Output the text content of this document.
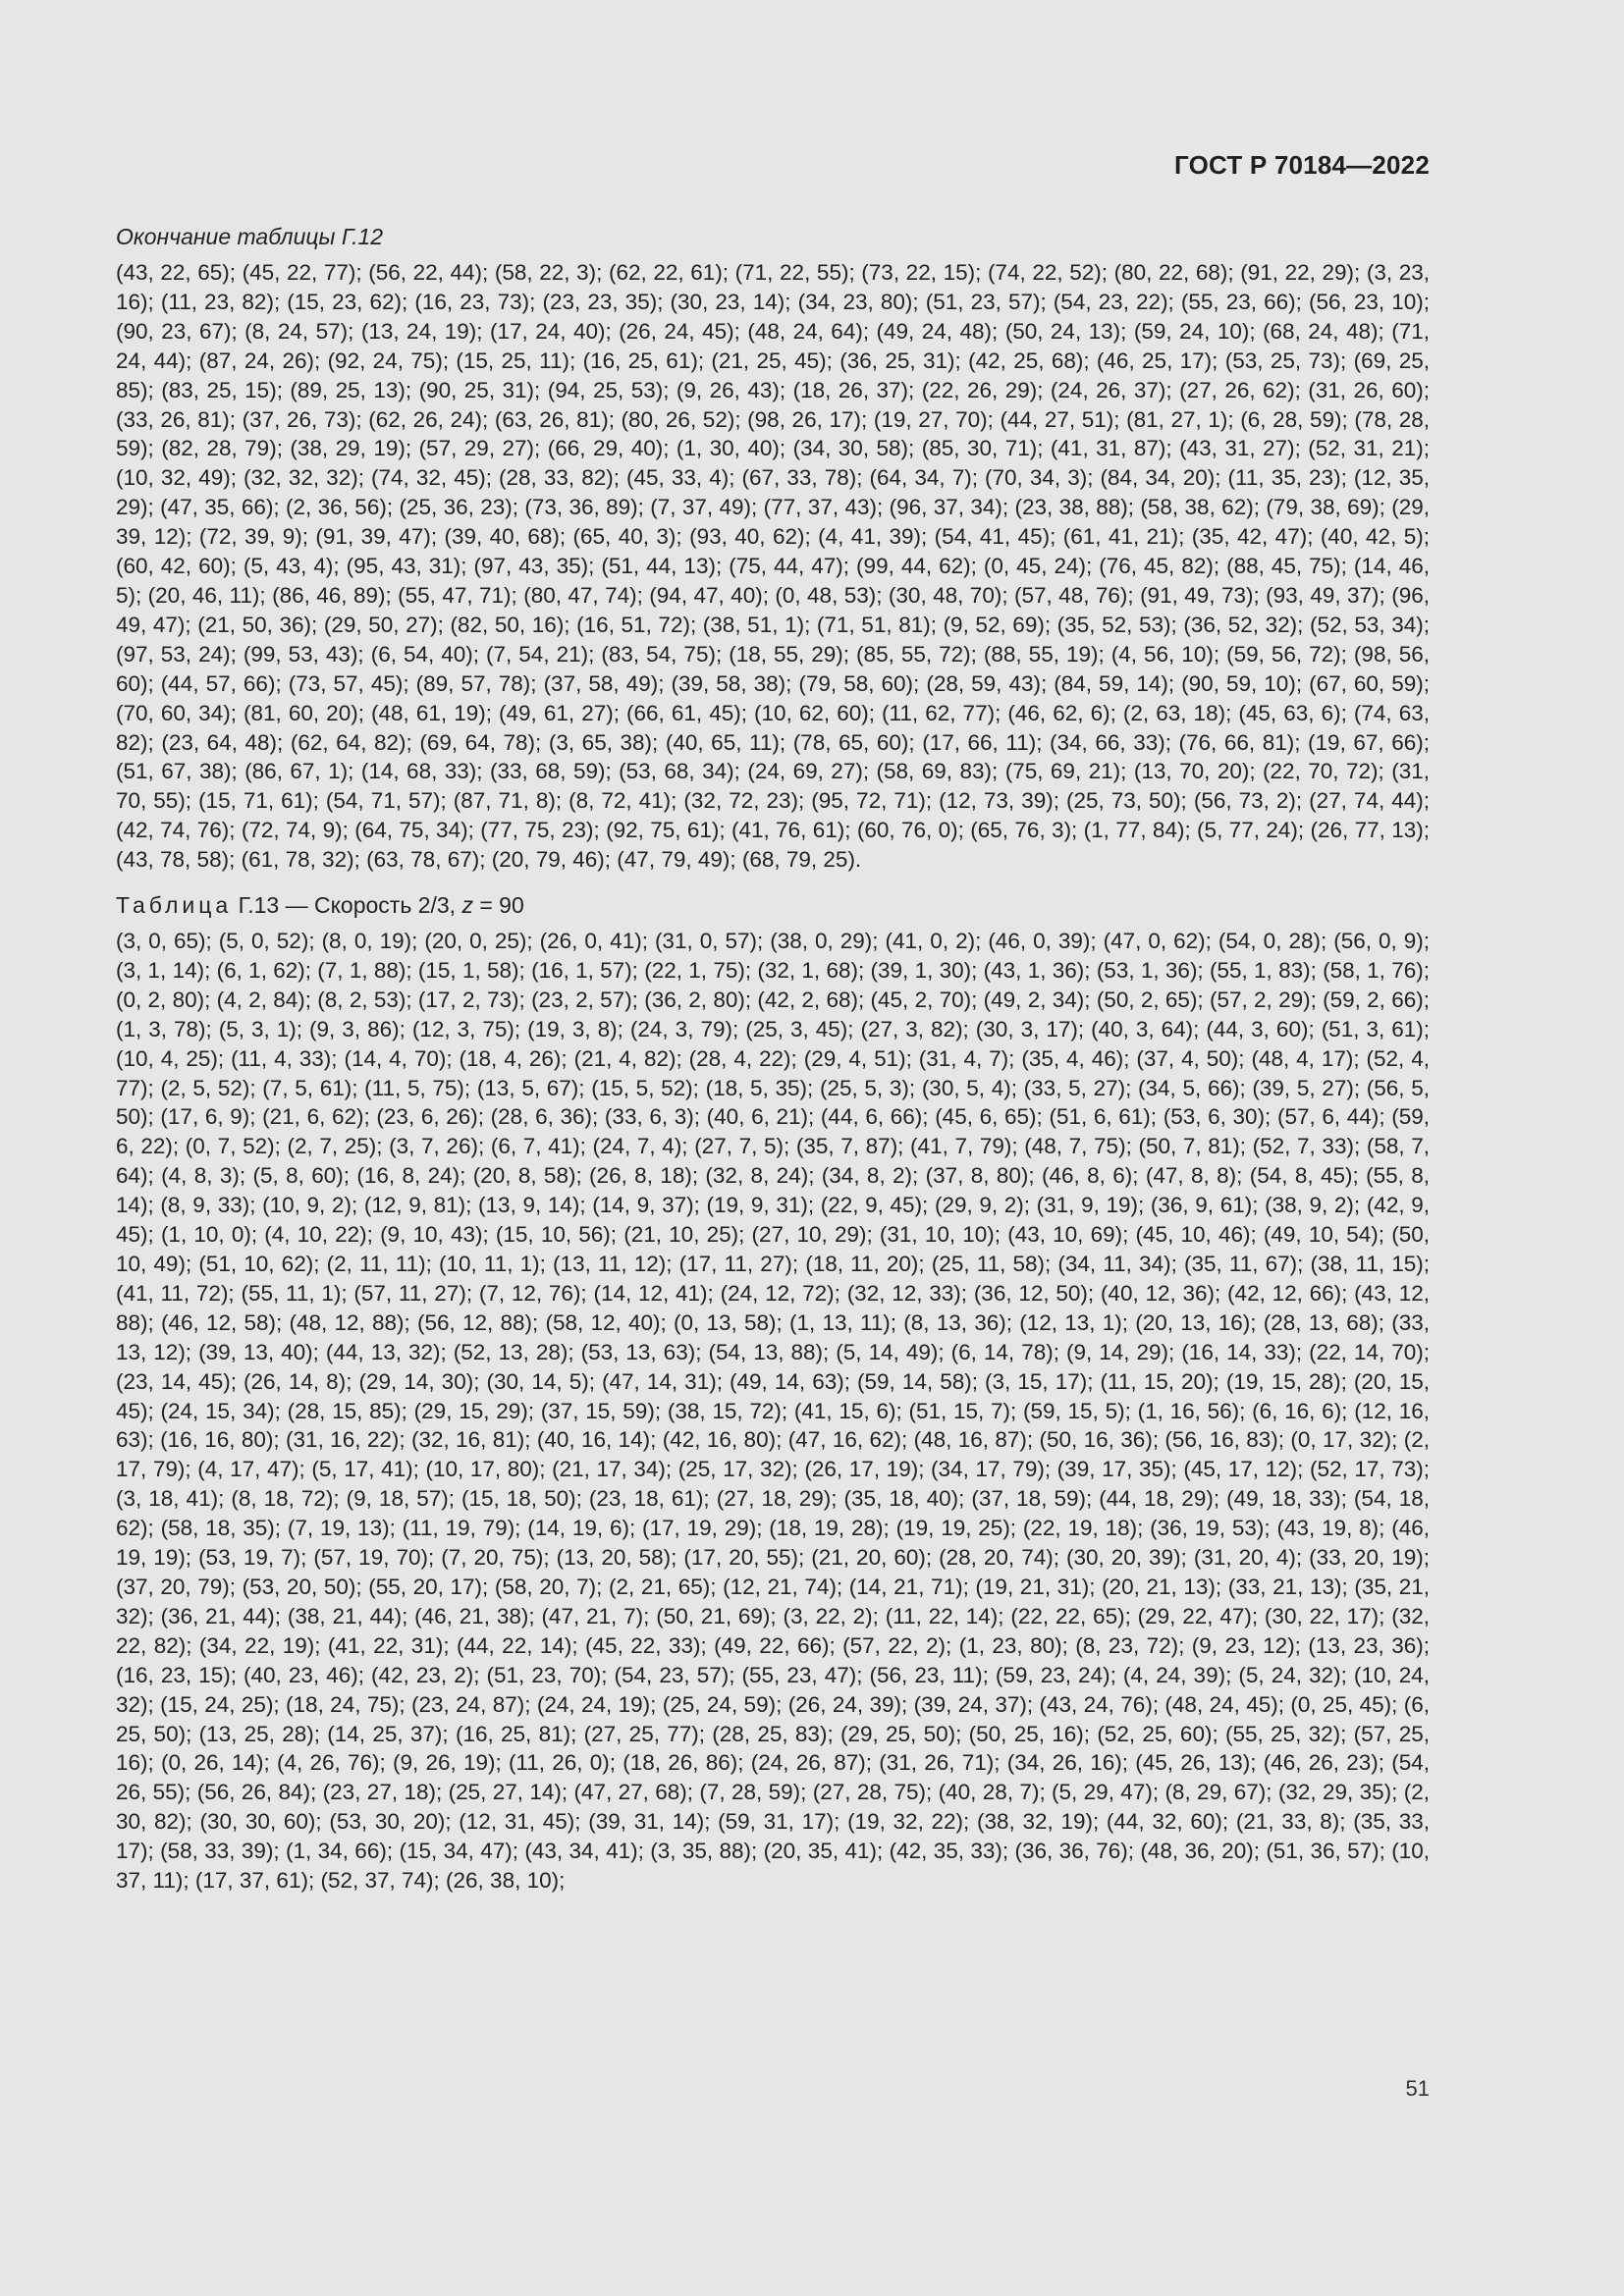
ГОСТ Р 70184—2022
Окончание таблицы Г.12
(43, 22, 65); (45, 22, 77); (56, 22, 44); (58, 22, 3); (62, 22, 61); (71, 22, 55); (73, 22, 15); (74, 22, 52); (80, 22, 68); (91, 22, 29); (3, 23, 16); (11, 23, 82); (15, 23, 62); (16, 23, 73); (23, 23, 35); (30, 23, 14); (34, 23, 80); (51, 23, 57); (54, 23, 22); (55, 23, 66); (56, 23, 10); (90, 23, 67); (8, 24, 57); (13, 24, 19); (17, 24, 40); (26, 24, 45); (48, 24, 64); (49, 24, 48); (50, 24, 13); (59, 24, 10); (68, 24, 48); (71, 24, 44); (87, 24, 26); (92, 24, 75); (15, 25, 11); (16, 25, 61); (21, 25, 45); (36, 25, 31); (42, 25, 68); (46, 25, 17); (53, 25, 73); (69, 25, 85); (83, 25, 15); (89, 25, 13); (90, 25, 31); (94, 25, 53); (9, 26, 43); (18, 26, 37); (22, 26, 29); (24, 26, 37); (27, 26, 62); (31, 26, 60); (33, 26, 81); (37, 26, 73); (62, 26, 24); (63, 26, 81); (80, 26, 52); (98, 26, 17); (19, 27, 70); (44, 27, 51); (81, 27, 1); (6, 28, 59); (78, 28, 59); (82, 28, 79); (38, 29, 19); (57, 29, 27); (66, 29, 40); (1, 30, 40); (34, 30, 58); (85, 30, 71); (41, 31, 87); (43, 31, 27); (52, 31, 21); (10, 32, 49); (32, 32, 32); (74, 32, 45); (28, 33, 82); (45, 33, 4); (67, 33, 78); (64, 34, 7); (70, 34, 3); (84, 34, 20); (11, 35, 23); (12, 35, 29); (47, 35, 66); (2, 36, 56); (25, 36, 23); (73, 36, 89); (7, 37, 49); (77, 37, 43); (96, 37, 34); (23, 38, 88); (58, 38, 62); (79, 38, 69); (29, 39, 12); (72, 39, 9); (91, 39, 47); (39, 40, 68); (65, 40, 3); (93, 40, 62); (4, 41, 39); (54, 41, 45); (61, 41, 21); (35, 42, 47); (40, 42, 5); (60, 42, 60); (5, 43, 4); (95, 43, 31); (97, 43, 35); (51, 44, 13); (75, 44, 47); (99, 44, 62); (0, 45, 24); (76, 45, 82); (88, 45, 75); (14, 46, 5); (20, 46, 11); (86, 46, 89); (55, 47, 71); (80, 47, 74); (94, 47, 40); (0, 48, 53); (30, 48, 70); (57, 48, 76); (91, 49, 73); (93, 49, 37); (96, 49, 47); (21, 50, 36); (29, 50, 27); (82, 50, 16); (16, 51, 72); (38, 51, 1); (71, 51, 81); (9, 52, 69); (35, 52, 53); (36, 52, 32); (52, 53, 34); (97, 53, 24); (99, 53, 43); (6, 54, 40); (7, 54, 21); (83, 54, 75); (18, 55, 29); (85, 55, 72); (88, 55, 19); (4, 56, 10); (59, 56, 72); (98, 56, 60); (44, 57, 66); (73, 57, 45); (89, 57, 78); (37, 58, 49); (39, 58, 38); (79, 58, 60); (28, 59, 43); (84, 59, 14); (90, 59, 10); (67, 60, 59); (70, 60, 34); (81, 60, 20); (48, 61, 19); (49, 61, 27); (66, 61, 45); (10, 62, 60); (11, 62, 77); (46, 62, 6); (2, 63, 18); (45, 63, 6); (74, 63, 82); (23, 64, 48); (62, 64, 82); (69, 64, 78); (3, 65, 38); (40, 65, 11); (78, 65, 60); (17, 66, 11); (34, 66, 33); (76, 66, 81); (19, 67, 66); (51, 67, 38); (86, 67, 1); (14, 68, 33); (33, 68, 59); (53, 68, 34); (24, 69, 27); (58, 69, 83); (75, 69, 21); (13, 70, 20); (22, 70, 72); (31, 70, 55); (15, 71, 61); (54, 71, 57); (87, 71, 8); (8, 72, 41); (32, 72, 23); (95, 72, 71); (12, 73, 39); (25, 73, 50); (56, 73, 2); (27, 74, 44); (42, 74, 76); (72, 74, 9); (64, 75, 34); (77, 75, 23); (92, 75, 61); (41, 76, 61); (60, 76, 0); (65, 76, 3); (1, 77, 84); (5, 77, 24); (26, 77, 13); (43, 78, 58); (61, 78, 32); (63, 78, 67); (20, 79, 46); (47, 79, 49); (68, 79, 25).
Таблица Г.13 — Скорость 2/3, z = 90
(3, 0, 65); (5, 0, 52); (8, 0, 19); (20, 0, 25); (26, 0, 41); (31, 0, 57); (38, 0, 29); (41, 0, 2); (46, 0, 39); (47, 0, 62); (54, 0, 28); (56, 0, 9); (3, 1, 14); (6, 1, 62); (7, 1, 88); (15, 1, 58); (16, 1, 57); (22, 1, 75); (32, 1, 68); (39, 1, 30); (43, 1, 36); (53, 1, 36); (55, 1, 83); (58, 1, 76); (0, 2, 80); (4, 2, 84); (8, 2, 53); (17, 2, 73); (23, 2, 57); (36, 2, 80); (42, 2, 68); (45, 2, 70); (49, 2, 34); (50, 2, 65); (57, 2, 29); (59, 2, 66); (1, 3, 78); (5, 3, 1); (9, 3, 86); (12, 3, 75); (19, 3, 8); (24, 3, 79); (25, 3, 45); (27, 3, 82); (30, 3, 17); (40, 3, 64); (44, 3, 60); (51, 3, 61); (10, 4, 25); (11, 4, 33); (14, 4, 70); (18, 4, 26); (21, 4, 82); (28, 4, 22); (29, 4, 51); (31, 4, 7); (35, 4, 46); (37, 4, 50); (48, 4, 17); (52, 4, 77); (2, 5, 52); (7, 5, 61); (11, 5, 75); (13, 5, 67); (15, 5, 52); (18, 5, 35); (25, 5, 3); (30, 5, 4); (33, 5, 27); (34, 5, 66); (39, 5, 27); (56, 5, 50); (17, 6, 9); (21, 6, 62); (23, 6, 26); (28, 6, 36); (33, 6, 3); (40, 6, 21); (44, 6, 66); (45, 6, 65); (51, 6, 61); (53, 6, 30); (57, 6, 44); (59, 6, 22); (0, 7, 52); (2, 7, 25); (3, 7, 26); (6, 7, 41); (24, 7, 4); (27, 7, 5); (35, 7, 87); (41, 7, 79); (48, 7, 75); (50, 7, 81); (52, 7, 33); (58, 7, 64); (4, 8, 3); (5, 8, 60); (16, 8, 24); (20, 8, 58); (26, 8, 18); (32, 8, 24); (34, 8, 2); (37, 8, 80); (46, 8, 6); (47, 8, 8); (54, 8, 45); (55, 8, 14); (8, 9, 33); (10, 9, 2); (12, 9, 81); (13, 9, 14); (14, 9, 37); (19, 9, 31); (22, 9, 45); (29, 9, 2); (31, 9, 19); (36, 9, 61); (38, 9, 2); (42, 9, 45); (1, 10, 0); (4, 10, 22); (9, 10, 43); (15, 10, 56); (21, 10, 25); (27, 10, 29); (31, 10, 10); (43, 10, 69); (45, 10, 46); (49, 10, 54); (50, 10, 49); (51, 10, 62); (2, 11, 11); (10, 11, 1); (13, 11, 12); (17, 11, 27); (18, 11, 20); (25, 11, 58); (34, 11, 34); (35, 11, 67); (38, 11, 15); (41, 11, 72); (55, 11, 1); (57, 11, 27); (7, 12, 76); (14, 12, 41); (24, 12, 72); (32, 12, 33); (36, 12, 50); (40, 12, 36); (42, 12, 66); (43, 12, 88); (46, 12, 58); (48, 12, 88); (56, 12, 88); (58, 12, 40); (0, 13, 58); (1, 13, 11); (8, 13, 36); (12, 13, 1); (20, 13, 16); (28, 13, 68); (33, 13, 12); (39, 13, 40); (44, 13, 32); (52, 13, 28); (53, 13, 63); (54, 13, 88); (5, 14, 49); (6, 14, 78); (9, 14, 29); (16, 14, 33); (22, 14, 70); (23, 14, 45); (26, 14, 8); (29, 14, 30); (30, 14, 5); (47, 14, 31); (49, 14, 63); (59, 14, 58); (3, 15, 17); (11, 15, 20); (19, 15, 28); (20, 15, 45); (24, 15, 34); (28, 15, 85); (29, 15, 29); (37, 15, 59); (38, 15, 72); (41, 15, 6); (51, 15, 7); (59, 15, 5); (1, 16, 56); (6, 16, 6); (12, 16, 63); (16, 16, 80); (31, 16, 22); (32, 16, 81); (40, 16, 14); (42, 16, 80); (47, 16, 62); (48, 16, 87); (50, 16, 36); (56, 16, 83); (0, 17, 32); (2, 17, 79); (4, 17, 47); (5, 17, 41); (10, 17, 80); (21, 17, 34); (25, 17, 32); (26, 17, 19); (34, 17, 79); (39, 17, 35); (45, 17, 12); (52, 17, 73); (3, 18, 41); (8, 18, 72); (9, 18, 57); (15, 18, 50); (23, 18, 61); (27, 18, 29); (35, 18, 40); (37, 18, 59); (44, 18, 29); (49, 18, 33); (54, 18, 62); (58, 18, 35); (7, 19, 13); (11, 19, 79); (14, 19, 6); (17, 19, 29); (18, 19, 28); (19, 19, 25); (22, 19, 18); (36, 19, 53); (43, 19, 8); (46, 19, 19); (53, 19, 7); (57, 19, 70); (7, 20, 75); (13, 20, 58); (17, 20, 55); (21, 20, 60); (28, 20, 74); (30, 20, 39); (31, 20, 4); (33, 20, 19); (37, 20, 79); (53, 20, 50); (55, 20, 17); (58, 20, 7); (2, 21, 65); (12, 21, 74); (14, 21, 71); (19, 21, 31); (20, 21, 13); (33, 21, 13); (35, 21, 32); (36, 21, 44); (38, 21, 44); (46, 21, 38); (47, 21, 7); (50, 21, 69); (3, 22, 2); (11, 22, 14); (22, 22, 65); (29, 22, 47); (30, 22, 17); (32, 22, 82); (34, 22, 19); (41, 22, 31); (44, 22, 14); (45, 22, 33); (49, 22, 66); (57, 22, 2); (1, 23, 80); (8, 23, 72); (9, 23, 12); (13, 23, 36); (16, 23, 15); (40, 23, 46); (42, 23, 2); (51, 23, 70); (54, 23, 57); (55, 23, 47); (56, 23, 11); (59, 23, 24); (4, 24, 39); (5, 24, 32); (10, 24, 32); (15, 24, 25); (18, 24, 75); (23, 24, 87); (24, 24, 19); (25, 24, 59); (26, 24, 39); (39, 24, 37); (43, 24, 76); (48, 24, 45); (0, 25, 45); (6, 25, 50); (13, 25, 28); (14, 25, 37); (16, 25, 81); (27, 25, 77); (28, 25, 83); (29, 25, 50); (50, 25, 16); (52, 25, 60); (55, 25, 32); (57, 25, 16); (0, 26, 14); (4, 26, 76); (9, 26, 19); (11, 26, 0); (18, 26, 86); (24, 26, 87); (31, 26, 71); (34, 26, 16); (45, 26, 13); (46, 26, 23); (54, 26, 55); (56, 26, 84); (23, 27, 18); (25, 27, 14); (47, 27, 68); (7, 28, 59); (27, 28, 75); (40, 28, 7); (5, 29, 47); (8, 29, 67); (32, 29, 35); (2, 30, 82); (30, 30, 60); (53, 30, 20); (12, 31, 45); (39, 31, 14); (59, 31, 17); (19, 32, 22); (38, 32, 19); (44, 32, 60); (21, 33, 8); (35, 33, 17); (58, 33, 39); (1, 34, 66); (15, 34, 47); (43, 34, 41); (3, 35, 88); (20, 35, 41); (42, 35, 33); (36, 36, 76); (48, 36, 20); (51, 36, 57); (10, 37, 11); (17, 37, 61); (52, 37, 74); (26, 38, 10);
51
